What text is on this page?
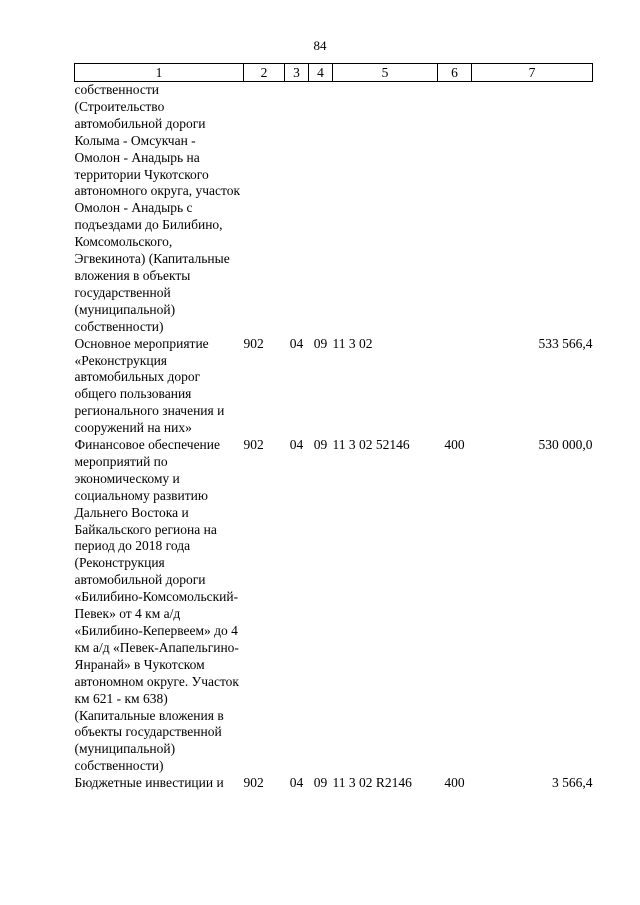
84
1	2	3	4	5	6	7
собственности (Строительство автомобильной дороги Колыма - Омсукчан - Омолон - Анадырь на территории Чукотского автономного округа, участок Омолон - Анадырь с подъездами до Билибино, Комсомольского, Эгвекинота) (Капитальные вложения в объекты государственной (муниципальной) собственности)						
Основное мероприятие «Реконструкция автомобильных дорог общего пользования регионального значения и сооружений на них»	902	04	09	11 3 02		533 566,4
Финансовое обеспечение мероприятий по экономическому и социальному развитию Дальнего Востока и Байкальского региона на период до 2018 года (Реконструкция автомобильной дороги «Билибино-Комсомольский-Певек» от 4 км а/д «Билибино-Кепервеем» до 4 км а/д «Певек-Апапельгино-Янранай» в Чукотском автономном округе. Участок км 621 - км 638) (Капитальные вложения в объекты государственной (муниципальной) собственности)	902	04	09	11 3 02 52146	400	530 000,0
Бюджетные инвестиции и	902	04	09	11 3 02 R2146	400	3 566,4
